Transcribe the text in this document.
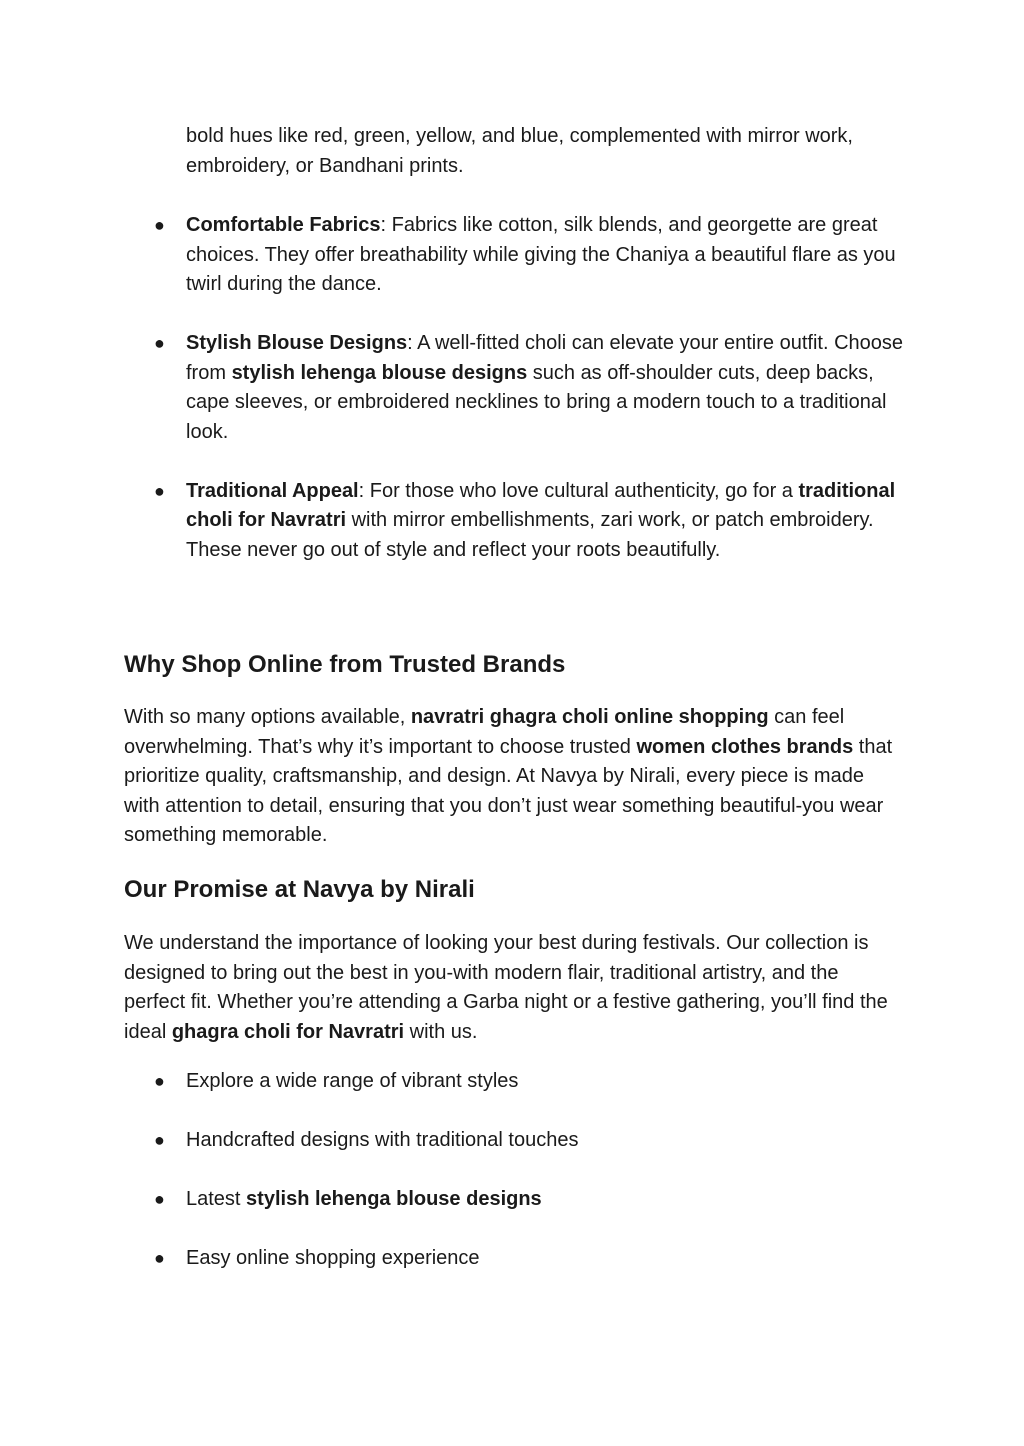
bold hues like red, green, yellow, and blue, complemented with mirror work, embroidery, or Bandhani prints.
● Comfortable Fabrics: Fabrics like cotton, silk blends, and georgette are great choices. They offer breathability while giving the Chaniya a beautiful flare as you twirl during the dance.
● Stylish Blouse Designs: A well-fitted choli can elevate your entire outfit. Choose from stylish lehenga blouse designs such as off-shoulder cuts, deep backs, cape sleeves, or embroidered necklines to bring a modern touch to a traditional look.
● Traditional Appeal: For those who love cultural authenticity, go for a traditional choli for Navratri with mirror embellishments, zari work, or patch embroidery. These never go out of style and reflect your roots beautifully.
Why Shop Online from Trusted Brands

With so many options available, navratri ghagra choli online shopping can feel overwhelming. That’s why it’s important to choose trusted women clothes brands that prioritize quality, craftsmanship, and design. At Navya by Nirali, every piece is made with attention to detail, ensuring that you don’t just wear something beautiful-you wear something memorable.

Our Promise at Navya by Nirali

We understand the importance of looking your best during festivals. Our collection is designed to bring out the best in you-with modern flair, traditional artistry, and the perfect fit. Whether you’re attending a Garba night or a festive gathering, you’ll find the ideal ghagra choli for Navratri with us.

● Explore a wide range of vibrant styles
● Handcrafted designs with traditional touches
● Latest stylish lehenga blouse designs
● Easy online shopping experience
